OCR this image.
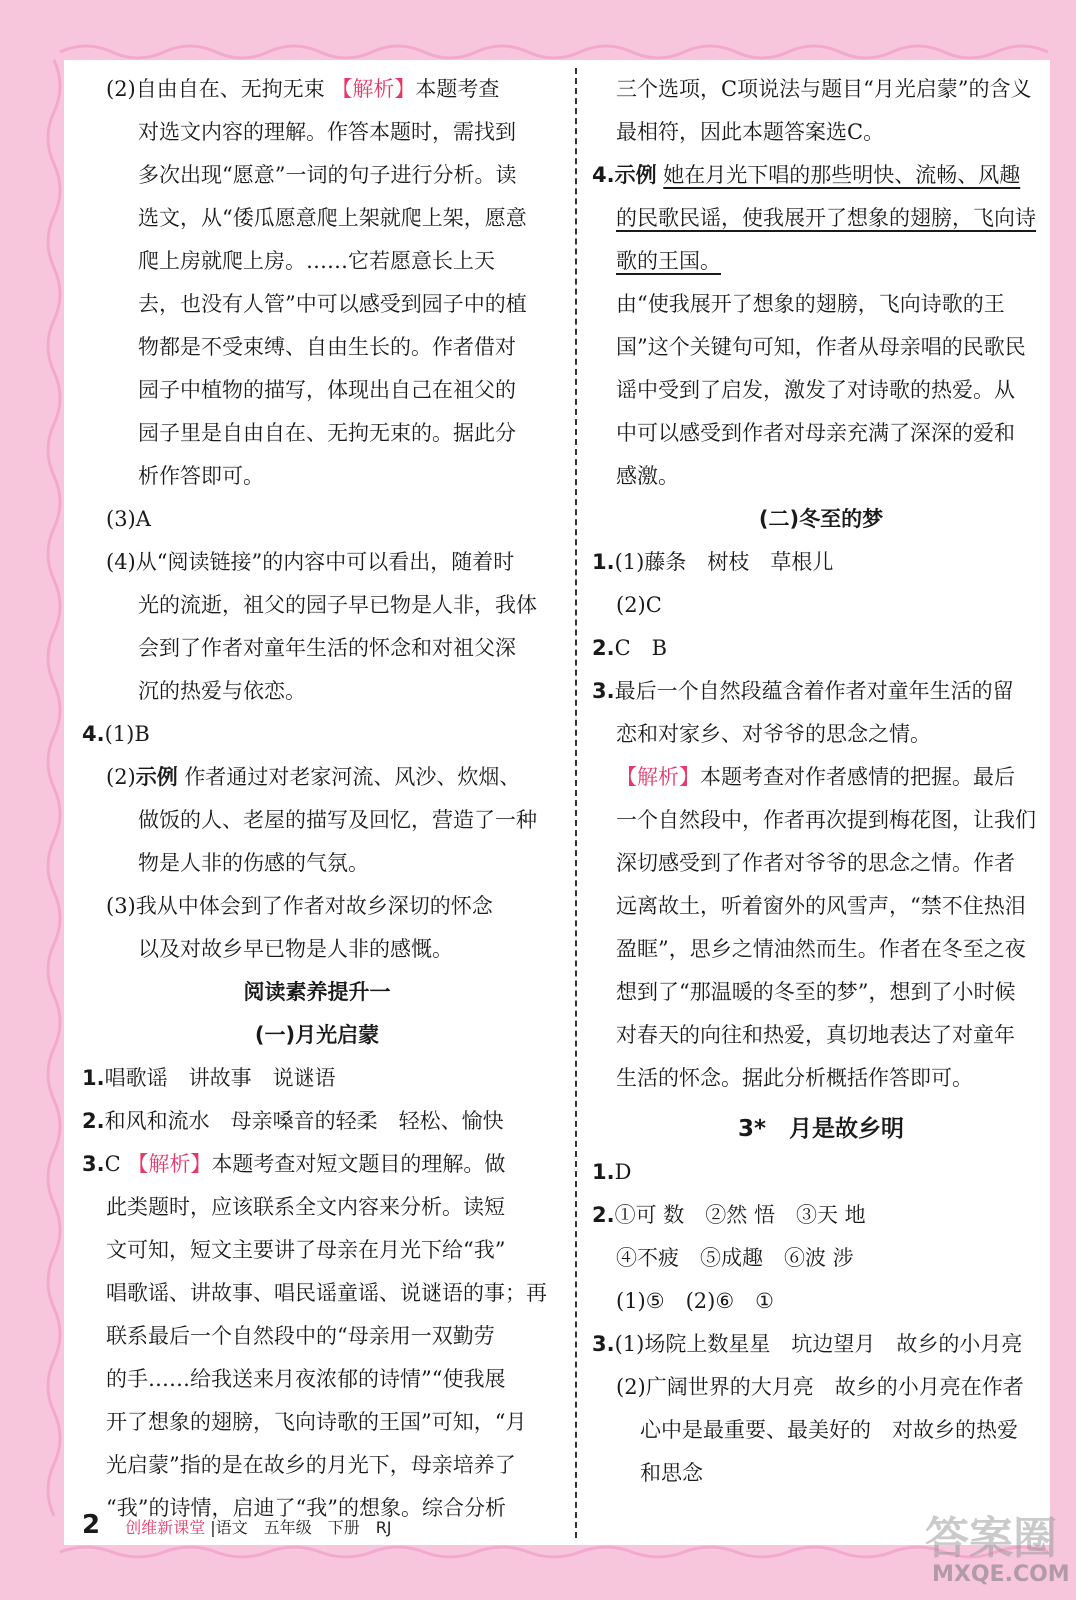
(2)自由自在、无拘无束 【解析】本题考查
对选文内容的理解。作答本题时，需找到
多次出现“愿意”一词的句子进行分析。读
选文，从“倭瓜愿意爬上架就爬上架，愿意
爬上房就爬上房。……它若愿意长上天
去，也没有人管”中可以感受到园子中的植
物都是不受束缚、自由生长的。作者借对
园子中植物的描写，体现出自己在祖父的
园子里是自由自在、无拘无束的。据此分
析作答即可。
(3)A
(4)从“阅读链接”的内容中可以看出，随着时
光的流逝，祖父的园子早已物是人非，我体
会到了作者对童年生活的怀念和对祖父深
沉的热爱与依恋。
4.(1)B
(2)示例 作者通过对老家河流、风沙、炊烟、
做饭的人、老屋的描写及回忆，营造了一种
物是人非的伤感的气氛。
(3)我从中体会到了作者对故乡深切的怀念
以及对故乡早已物是人非的感慨。
阅读素养提升一
(一)月光启蒙
1.唱歌谣　讲故事　说谜语
2.和风和流水　母亲嗓音的轻柔　轻松、愉快
3.C 【解析】本题考查对短文题目的理解。做
此类题时，应该联系全文内容来分析。读短
文可知，短文主要讲了母亲在月光下给“我”
唱歌谣、讲故事、唱民谣童谣、说谜语的事；再
联系最后一个自然段中的“母亲用一双勤劳
的手……给我送来月夜浓郁的诗情”“使我展
开了想象的翅膀，飞向诗歌的王国”可知，“月
光启蒙”指的是在故乡的月光下，母亲培养了
“我”的诗情，启迪了“我”的想象。综合分析
三个选项，C项说法与题目“月光启蒙”的含义
最相符，因此本题答案选C。
4.示例 她在月光下唱的那些明快、流畅、风趣
的民歌民谣，使我展开了想象的翅膀，飞向诗
歌的王国。
由“使我展开了想象的翅膀，飞向诗歌的王
国”这个关键句可知，作者从母亲唱的民歌民
谣中受到了启发，激发了对诗歌的热爱。从
中可以感受到作者对母亲充满了深深的爱和
感激。
(二)冬至的梦
1.(1)藤条　树枝　草根儿
(2)C
2.C　B
3.最后一个自然段蕴含着作者对童年生活的留
恋和对家乡、对爷爷的思念之情。
【解析】本题考查对作者感情的把握。最后
一个自然段中，作者再次提到梅花图，让我们
深切感受到了作者对爷爷的思念之情。作者
远离故土，听着窗外的风雪声，“禁不住热泪
盈眶”，思乡之情油然而生。作者在冬至之夜
想到了“那温暖的冬至的梦”，想到了小时候
对春天的向往和热爱，真切地表达了对童年
生活的怀念。据此分析概括作答即可。
3*　月是故乡明
1.D
2.①可 数　②然 悟　③天 地
④不疲　⑤成趣　⑥波 涉
(1)⑤　(2)⑥　①
3.(1)场院上数星星　坑边望月　故乡的小月亮
(2)广阔世界的大月亮　故乡的小月亮在作者
心中是最重要、最美好的　对故乡的热爱
和思念
2 创维新课堂 |语文　五年级　下册　RJ	答案圈
MXQE.COM
